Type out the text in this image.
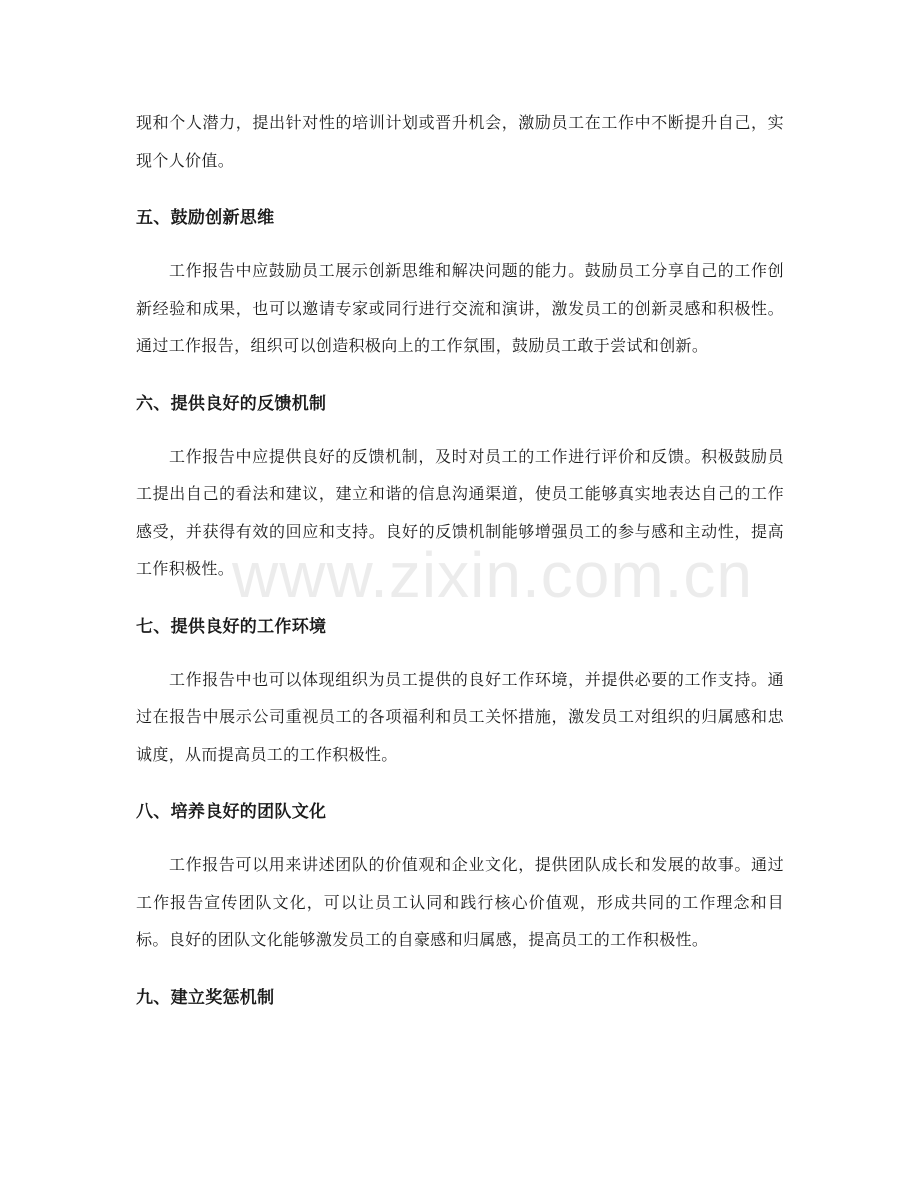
现和个人潜力，提出针对性的培训计划或晋升机会，激励员工在工作中不断提升自己，实现个人价值。

五、鼓励创新思维

工作报告中应鼓励员工展示创新思维和解决问题的能力。鼓励员工分享自己的工作创新经验和成果，也可以邀请专家或同行进行交流和演讲，激发员工的创新灵感和积极性。通过工作报告，组织可以创造积极向上的工作氛围，鼓励员工敢于尝试和创新。

六、提供良好的反馈机制

工作报告中应提供良好的反馈机制，及时对员工的工作进行评价和反馈。积极鼓励员工提出自己的看法和建议，建立和谐的信息沟通渠道，使员工能够真实地表达自己的工作感受，并获得有效的回应和支持。良好的反馈机制能够增强员工的参与感和主动性，提高工作积极性。

七、提供良好的工作环境

工作报告中也可以体现组织为员工提供的良好工作环境，并提供必要的工作支持。通过在报告中展示公司重视员工的各项福利和员工关怀措施，激发员工对组织的归属感和忠诚度，从而提高员工的工作积极性。

八、培养良好的团队文化

工作报告可以用来讲述团队的价值观和企业文化，提供团队成长和发展的故事。通过工作报告宣传团队文化，可以让员工认同和践行核心价值观，形成共同的工作理念和目标。良好的团队文化能够激发员工的自豪感和归属感，提高员工的工作积极性。

九、建立奖惩机制
www.zixin.com.cn
